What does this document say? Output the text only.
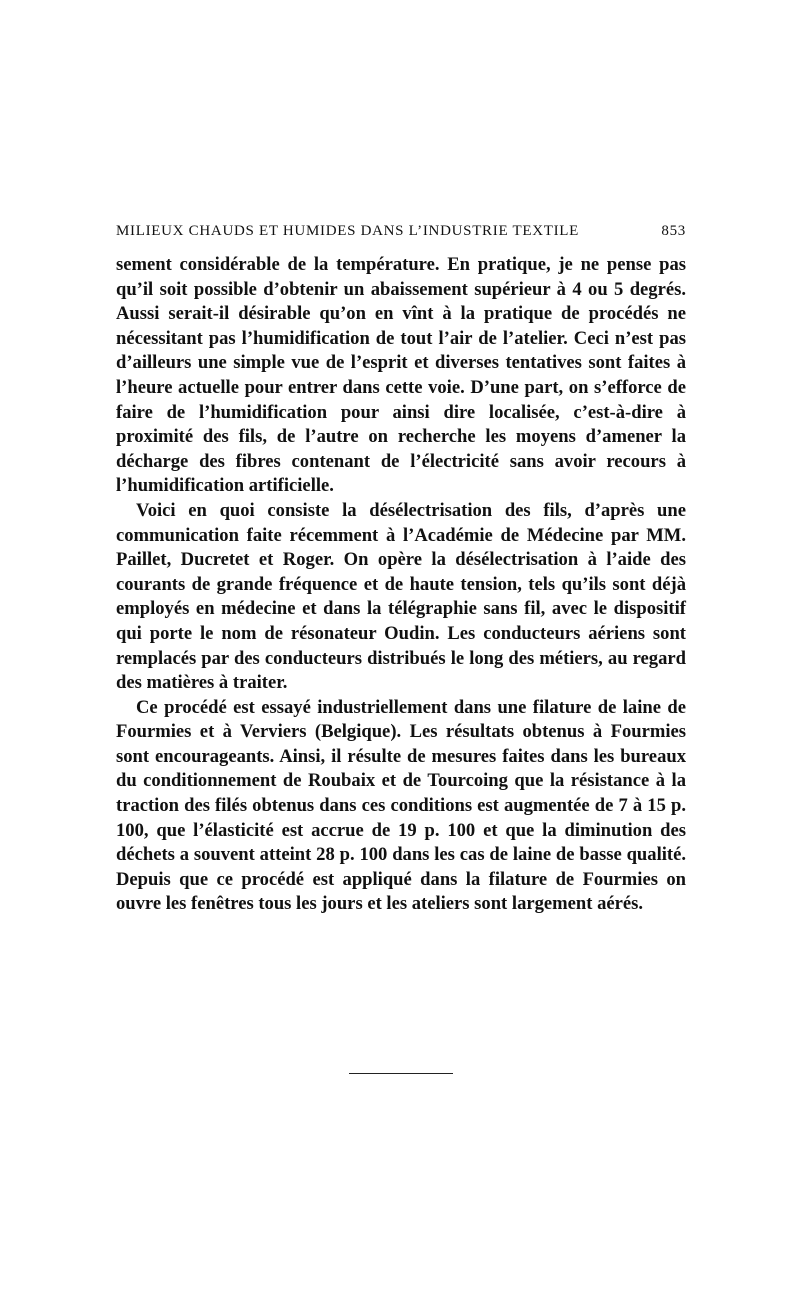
MILIEUX CHAUDS ET HUMIDES DANS L’INDUSTRIE TEXTILE	853

sement considérable de la température. En pratique, je ne pense pas qu’il soit possible d’obtenir un abaissement supérieur à 4 ou 5 degrés. Aussi serait-il désirable qu’on en vînt à la pratique de procédés ne nécessitant pas l’humidification de tout l’air de l’atelier. Ceci n’est pas d’ailleurs une simple vue de l’esprit et diverses tentatives sont faites à l’heure actuelle pour entrer dans cette voie. D’une part, on s’efforce de faire de l’humidification pour ainsi dire localisée, c’est-à-dire à proximité des fils, de l’autre on recherche les moyens d’amener la décharge des fibres contenant de l’électricité sans avoir recours à l’humidification artificielle.

Voici en quoi consiste la désélectrisation des fils, d’après une communication faite récemment à l’Académie de Médecine par MM. Paillet, Ducretet et Roger. On opère la désélectrisation à l’aide des courants de grande fréquence et de haute tension, tels qu’ils sont déjà employés en médecine et dans la télégraphie sans fil, avec le dispositif qui porte le nom de résonateur Oudin. Les conducteurs aériens sont remplacés par des conducteurs distribués le long des métiers, au regard des matières à traiter.

Ce procédé est essayé industriellement dans une filature de laine de Fourmies et à Verviers (Belgique). Les résultats obtenus à Fourmies sont encourageants. Ainsi, il résulte de mesures faites dans les bureaux du conditionnement de Roubaix et de Tourcoing que la résistance à la traction des filés obtenus dans ces conditions est augmentée de 7 à 15 p. 100, que l’élasticité est accrue de 19 p. 100 et que la diminution des déchets a souvent atteint 28 p. 100 dans les cas de laine de basse qualité. Depuis que ce procédé est appliqué dans la filature de Fourmies on ouvre les fenêtres tous les jours et les ateliers sont largement aérés.
